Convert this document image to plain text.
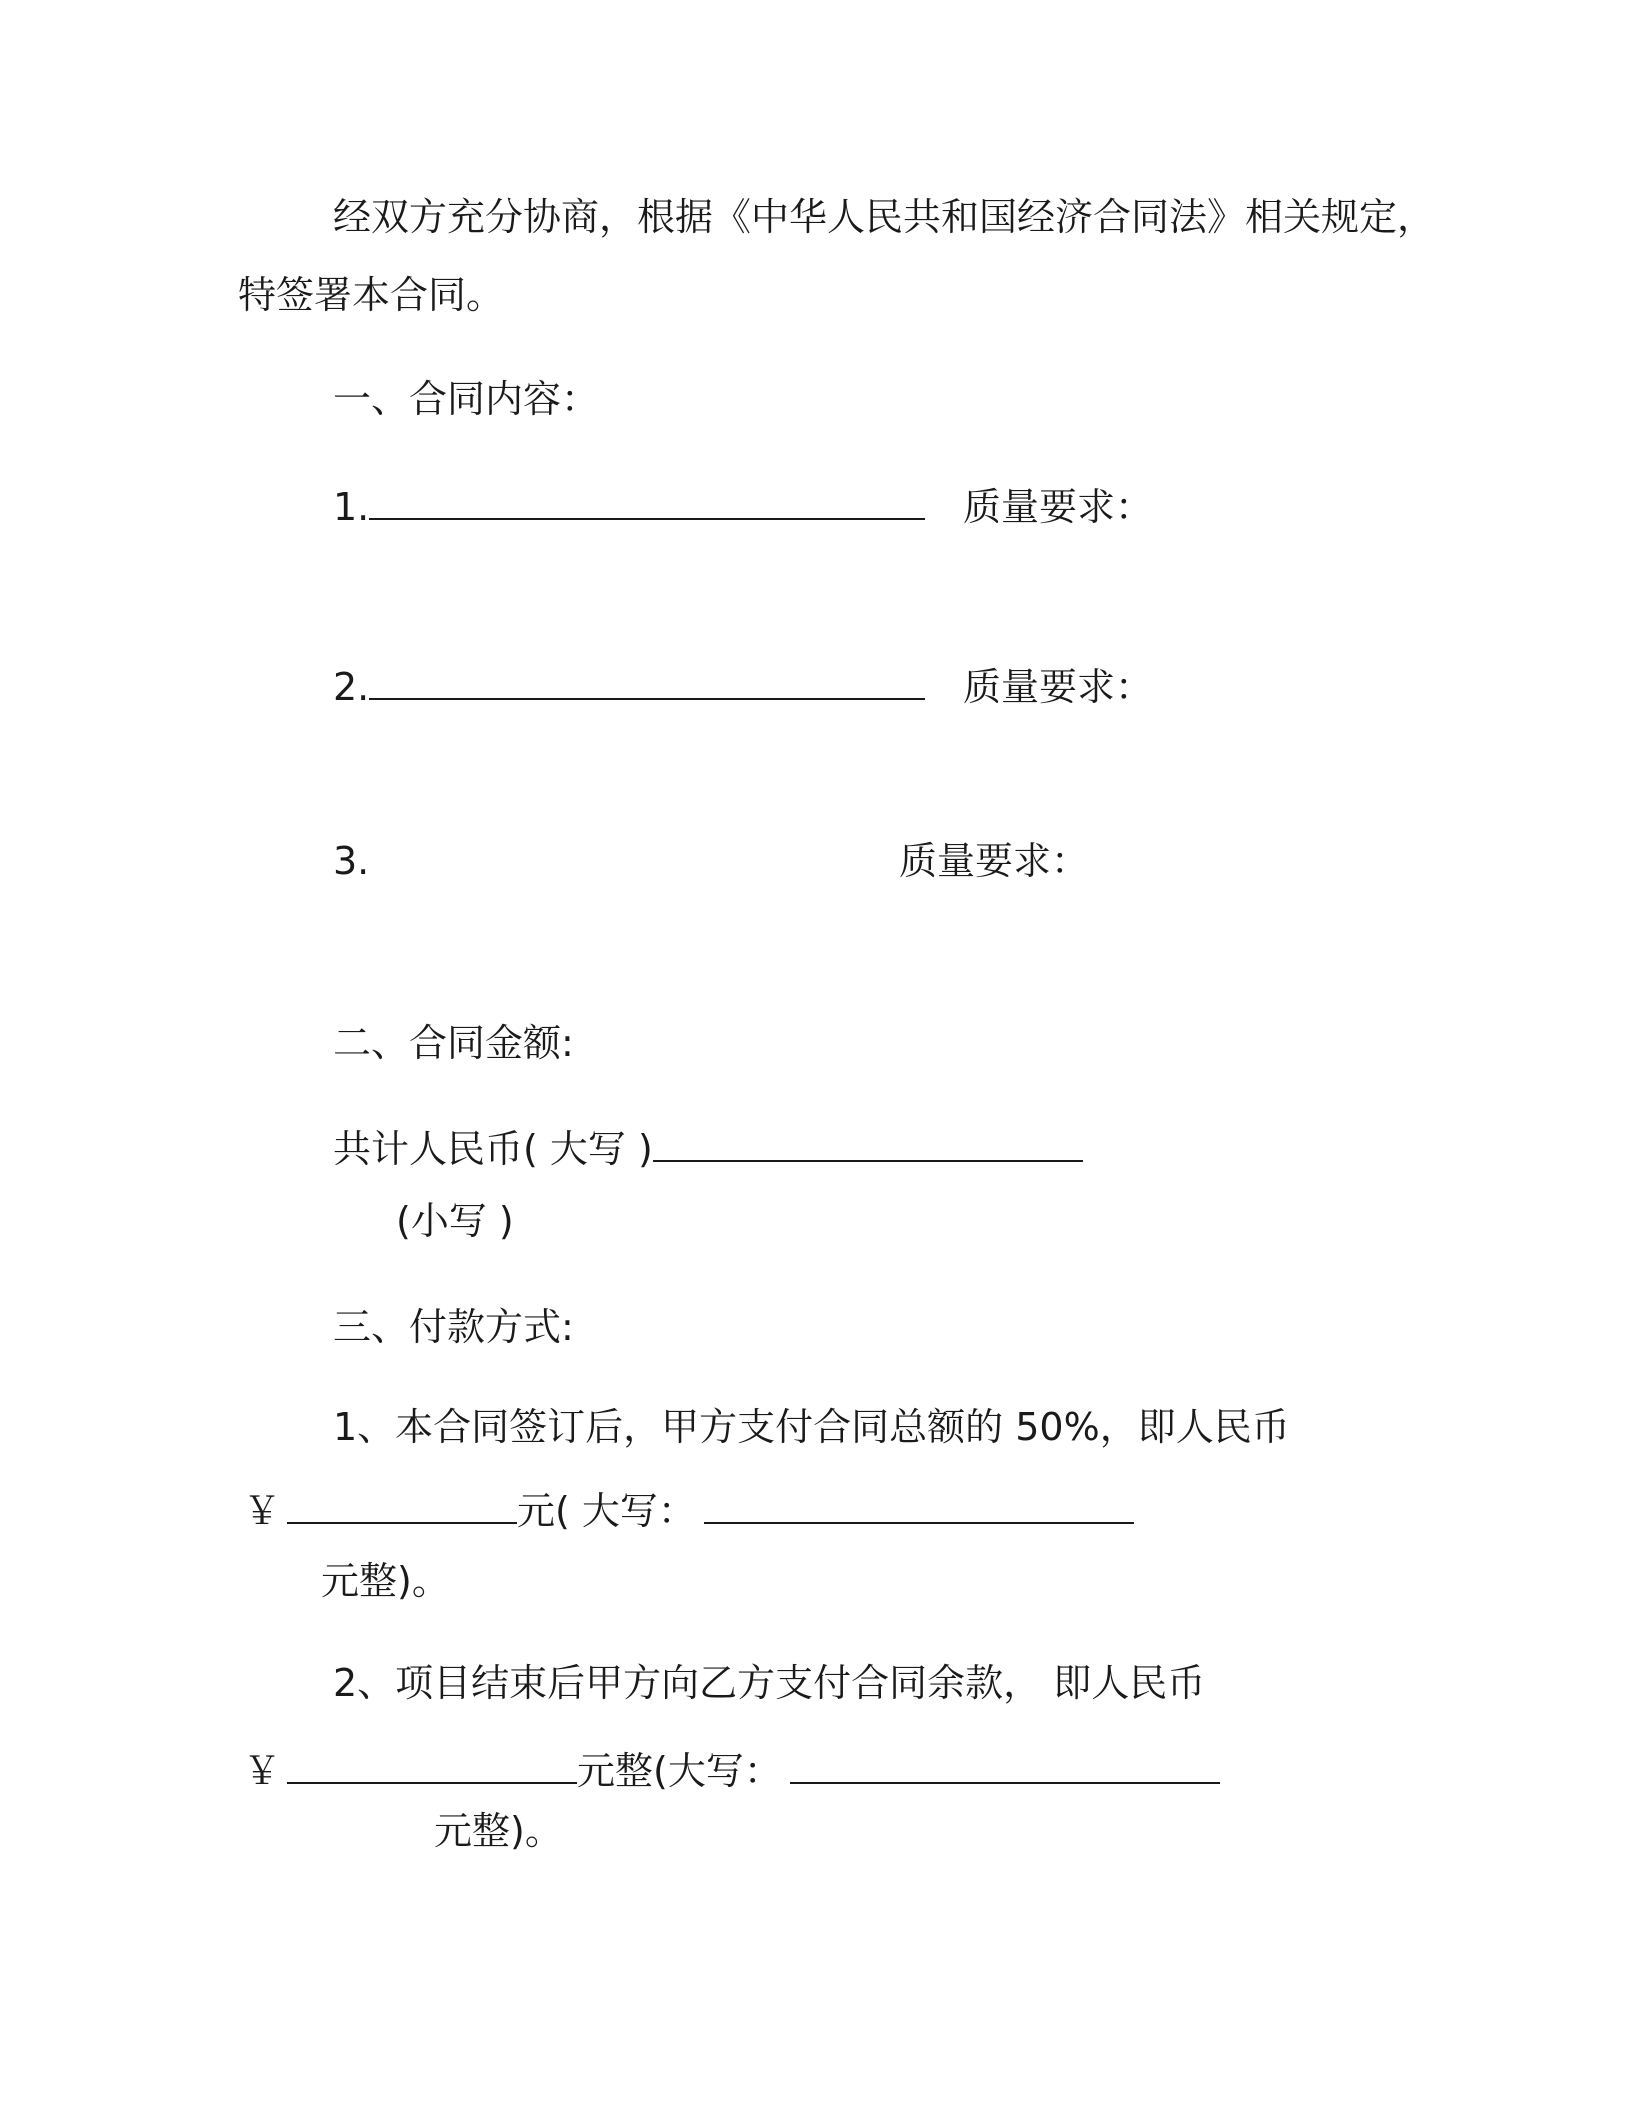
经双方充分协商，根据《中华人民共和国经济合同法》相关规定，
特签署本合同。
一、合同内容：
1.	质量要求：
2.	质量要求：
3.	质量要求：
二、合同金额:
共计人民币( 大写 )
(小写 )
三、付款方式:
1、本合同签订后，甲方支付合同总额的 50%，即人民币
￥	元( 大写：
元整)。
2、项目结束后甲方向乙方支付合同余款， 即人民币
￥	元整(大写：
元整)。
